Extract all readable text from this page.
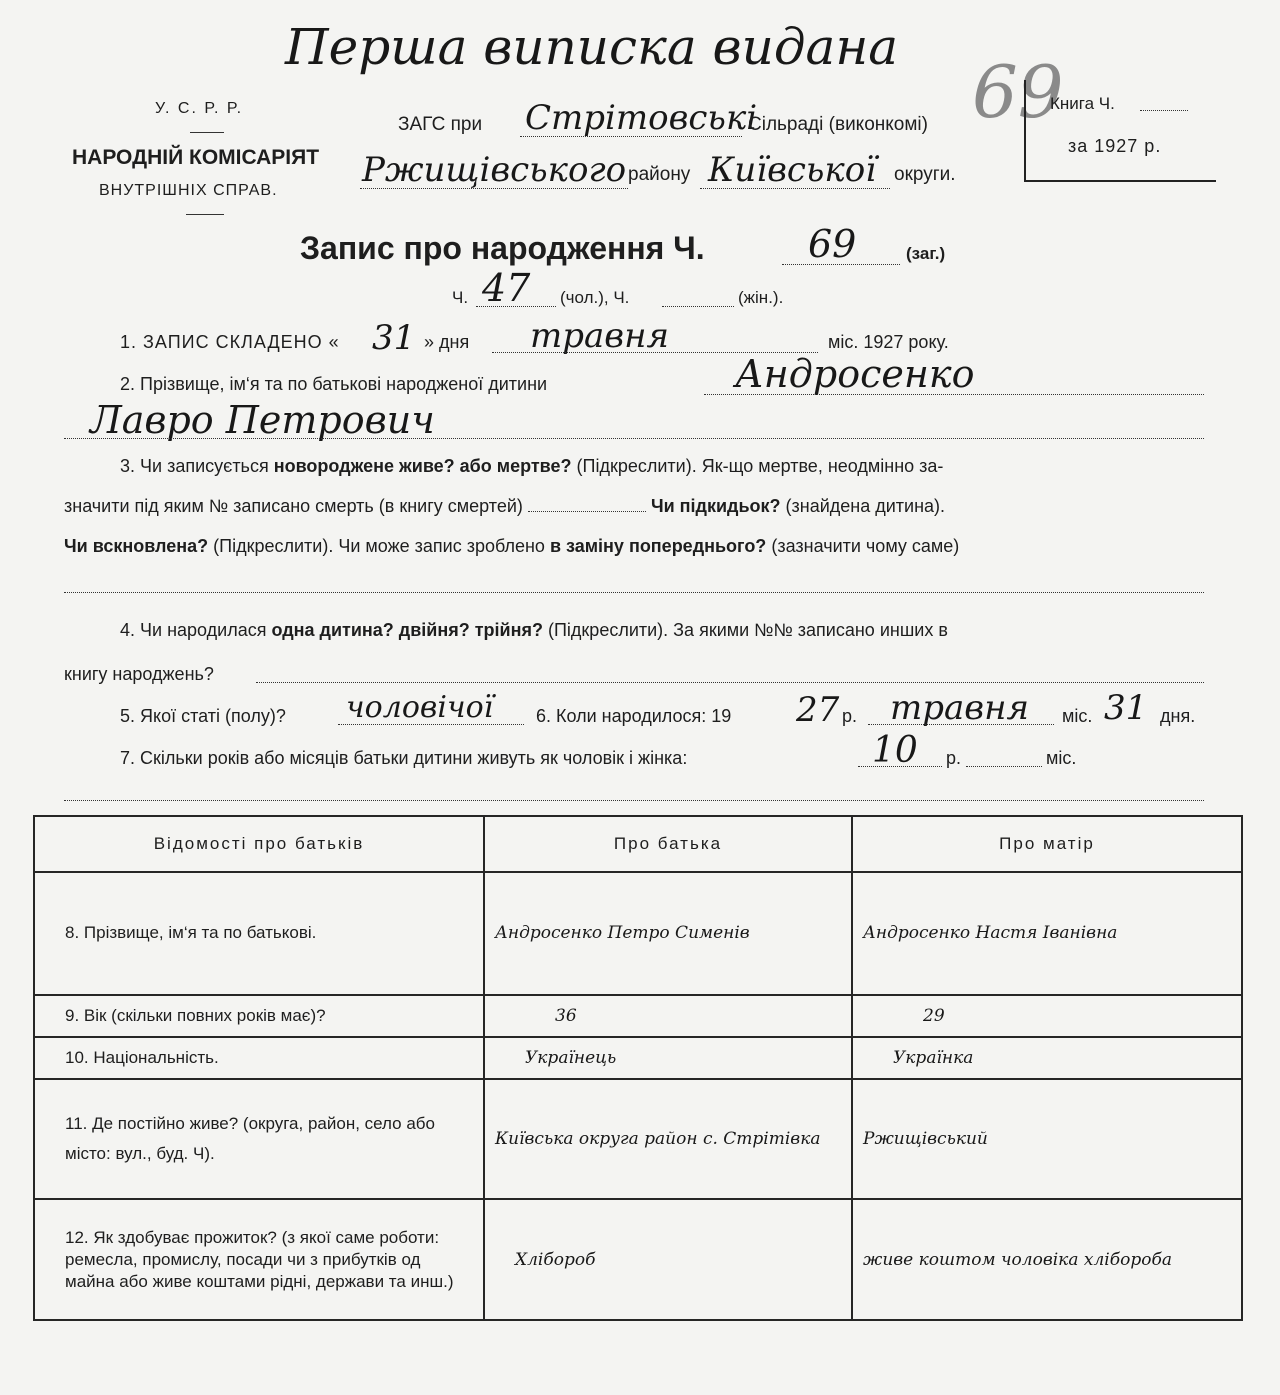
Перша виписка видана
У. С. Р. Р.
НАРОДНІЙ КОМІСАРІЯТ
ВНУТРІШНІХ СПРАВ.
ЗАГС при Стрітовські
Сільраді (виконкомі)
Ржищівського району Київської округи.
69
Книга Ч.
за 1927 р.
Запис про народження Ч.	69	(заг.)
Ч. 47 (чол.), Ч.	(жін.).
1. ЗАПИС СКЛАДЕНО « 31 » дня травня	міс. 1927 року.
2. Прізвище, ім‘я та по батькові народженої дитини	Андросенко
Лавро Петрович
3. Чи записується новороджене живе? або мертве? (Підкреслити). Як-що мертве, неодмінно за-
значити під яким № записано смерть (в книгу смертей)	Чи підкидьок? (знайдена дитина).
Чи вскновлена? (Підкреслити). Чи може запис зроблено в заміну попереднього? (зазначити чому саме)
4. Чи народилася одна дитина? двійня? трійня? (Підкреслити). За якими №№ записано инших в
книгу народжень?
5. Якої статі (полу)? чоловічої 6. Коли народилося: 19 27 р. травня міс. 31 дня.
7. Скільки років або місяців батьки дитини живуть як чоловік і жінка:	10 р.	міс.
Відомості про батьків	Про батька	Про матір
8. Прізвище, ім‘я та по батькові.	Андросенко Петро Сименів	Андросенко Настя Іванівна
9. Вік (скільки повних років має)?	36	29
10. Національність.	Українець	Українка
11. Де постійно живе? (округа, район, село або місто: вул., буд. Ч).	Київська округа район с. Стрітівка	Ржищівський
12. Як здобуває прожиток? (з якої саме роботи: ремесла, промислу, посади чи з прибутків од майна або живе коштами рідні, держави та инш.)	Хлібороб	живе коштом чоловіка хлібороба
